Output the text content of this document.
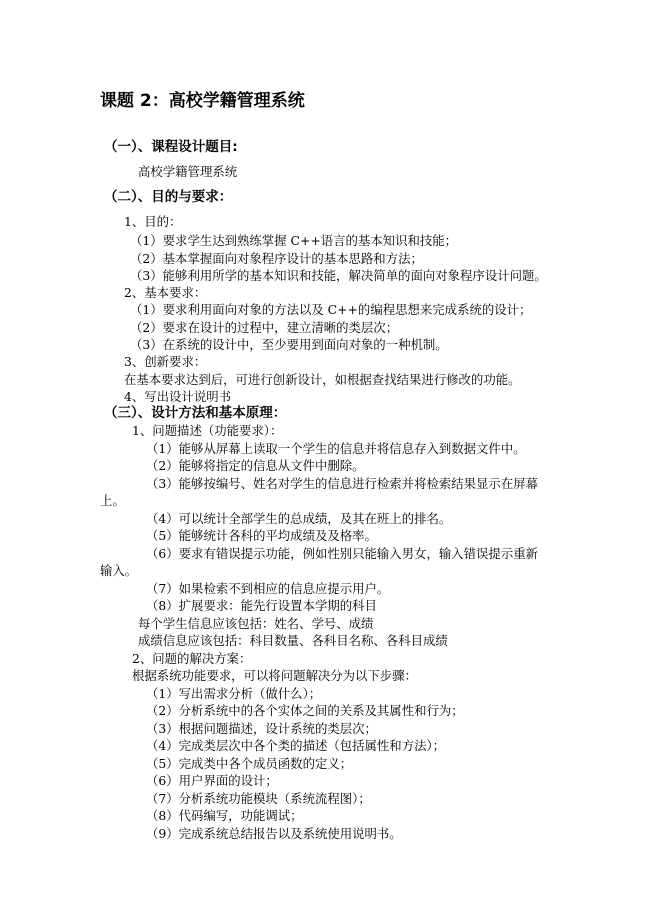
课题 2：高校学籍管理系统
（一）、课程设计题目:
高校学籍管理系统
（二）、目的与要求：
1、目的：
（1）要求学生达到熟练掌握 C++语言的基本知识和技能；
（2）基本掌握面向对象程序设计的基本思路和方法；
（3）能够利用所学的基本知识和技能，解决简单的面向对象程序设计问题。
2、基本要求：
（1）要求利用面向对象的方法以及 C++的编程思想来完成系统的设计；
（2）要求在设计的过程中，建立清晰的类层次；
（3）在系统的设计中，至少要用到面向对象的一种机制。
3、创新要求：
在基本要求达到后，可进行创新设计，如根据查找结果进行修改的功能。
4、写出设计说明书
（三）、设计方法和基本原理：
1、问题描述（功能要求）：
（1）能够从屏幕上读取一个学生的信息并将信息存入到数据文件中。
（2）能够将指定的信息从文件中删除。
（3）能够按编号、姓名对学生的信息进行检索并将检索结果显示在屏幕
上。
（4）可以统计全部学生的总成绩，及其在班上的排名。
（5）能够统计各科的平均成绩及及格率。
（6）要求有错误提示功能，例如性别只能输入男女，输入错误提示重新
输入。
（7）如果检索不到相应的信息应提示用户。
（8）扩展要求：能先行设置本学期的科目
每个学生信息应该包括：姓名、学号、成绩
成绩信息应该包括：科目数量、各科目名称、各科目成绩
2、问题的解决方案：
根据系统功能要求，可以将问题解决分为以下步骤：
（1）写出需求分析（做什么）；
（2）分析系统中的各个实体之间的关系及其属性和行为；
（3）根据问题描述，设计系统的类层次；
（4）完成类层次中各个类的描述（包括属性和方法）；
（5）完成类中各个成员函数的定义；
（6）用户界面的设计；
（7）分析系统功能模块（系统流程图）；
（8）代码编写，功能调试；
（9）完成系统总结报告以及系统使用说明书。
